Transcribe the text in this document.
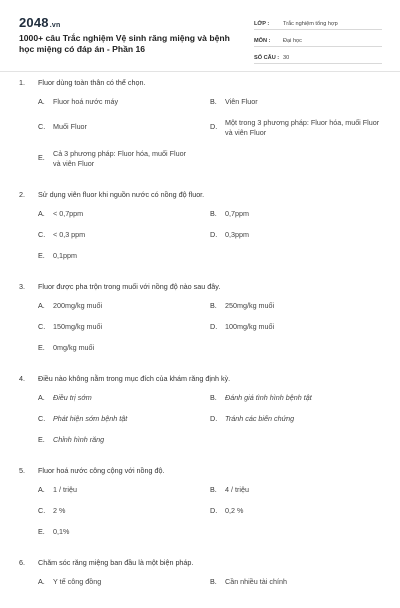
2048.vn
1000+ câu Trắc nghiệm Vệ sinh răng miệng và bệnh học miệng có đáp án - Phần 16
LỚP :	Trắc nghiệm tổng hợp
MÔN :	Đại học
SỐ CÂU : 30
1.	Fluor dùng toàn thân có thể chọn.
A.	Fluor hoá nước máy	B.	Viên Fluor
C.	Muối Fluor	D.	Một trong 3 phương pháp: Fluor hóa, muối Fluor và viên Fluor
E.	Cả 3 phương pháp: Fluor hóa, muối Fluor và viên Fluor
2.	Sử dụng viên fluor khi nguồn nước có nồng độ fluor.
A.	< 0,7ppm	B.	0,7ppm
C.	< 0,3 ppm	D.	0,3ppm
E.	0,1ppm
3.	Fluor được pha trộn trong muối với nồng độ nào sau đây.
A.	200mg/kg muối	B.	250mg/kg muối
C.	150mg/kg muối	D.	100mg/kg muối
E.	0mg/kg muối
4.	Điều nào không nằm trong mục đích của khám răng định kỳ.
A.	Điều trị sớm	B.	Đánh giá tình hình bệnh tật
C.	Phát hiện sớm bệnh tật	D.	Tránh các biến chứng
E.	Chỉnh hình răng
5.	Fluor hoá nước công cộng với nồng độ.
A.	1 / triệu	B.	4 / triệu
C.	2 %	D.	0,2 %
E.	0,1%
6.	Chăm sóc răng miệng ban đầu là một biện pháp.
A.	Y tế công đồng	B.	Cần nhiều tài chính
